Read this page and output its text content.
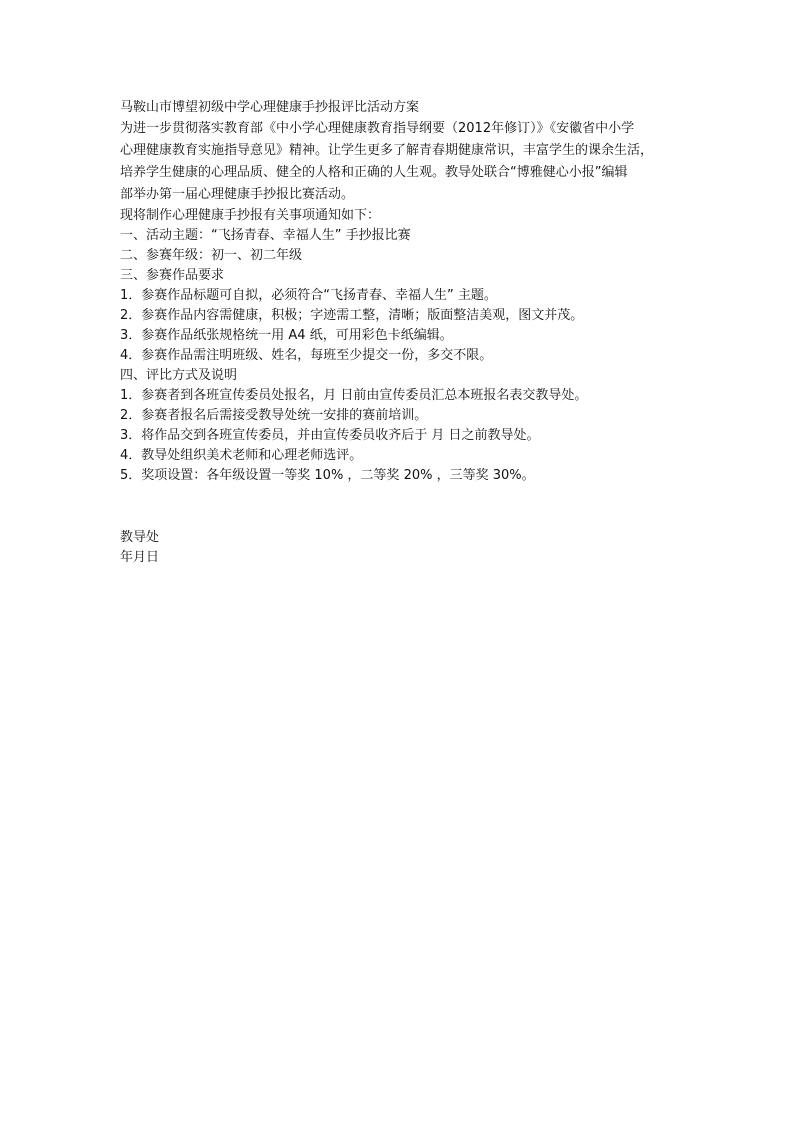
马鞍山市博望初级中学心理健康手抄报评比活动方案
为进一步贯彻落实教育部《中小学心理健康教育指导纲要（2012年修订）》《安徽省中小学
心理健康教育实施指导意见》精神。让学生更多了解青春期健康常识，丰富学生的课余生活，
培养学生健康的心理品质、健全的人格和正确的人生观。教导处联合“博雅健心小报”编辑
部举办第一届心理健康手抄报比赛活动。
现将制作心理健康手抄报有关事项通知如下：
一、活动主题：“飞扬青春、幸福人生” 手抄报比赛
二、参赛年级：初一、初二年级
三、参赛作品要求
1．参赛作品标题可自拟，必须符合“飞扬青春、幸福人生” 主题。
2．参赛作品内容需健康，积极；字迹需工整，清晰；版面整洁美观，图文并茂。
3．参赛作品纸张规格统一用 A4 纸，可用彩色卡纸编辑。
4．参赛作品需注明班级、姓名，每班至少提交一份，多交不限。
四、评比方式及说明
1．参赛者到各班宣传委员处报名，月 日前由宣传委员汇总本班报名表交教导处。
2．参赛者报名后需接受教导处统一安排的赛前培训。
3．将作品交到各班宣传委员，并由宣传委员收齐后于 月 日之前教导处。
4．教导处组织美术老师和心理老师选评。
5．奖项设置：各年级设置一等奖 10% ，二等奖 20% ，三等奖 30%。
教导处
年月日
